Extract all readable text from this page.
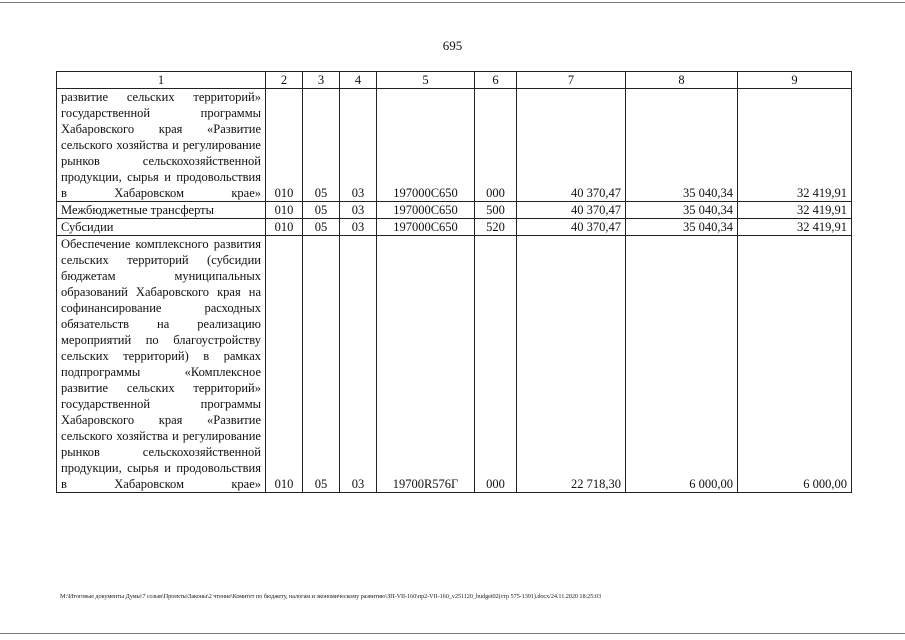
695
1	2	3	4	5	6	7	8	9
развитие сельских территорий» государственной программы Хабаровского края «Развитие сельского хозяйства и регулирование рынков сельскохозяйственной продукции, сырья и продовольствия в Хабаровском крае»	010	05	03	197000С650	000	40 370,47	35 040,34	32 419,91
Межбюджетные трансферты	010	05	03	197000С650	500	40 370,47	35 040,34	32 419,91
Субсидии	010	05	03	197000С650	520	40 370,47	35 040,34	32 419,91
Обеспечение комплексного развития сельских территорий (субсидии бюджетам муниципальных образований Хабаровского края на софинансирование расходных обязательств на реализацию мероприятий по благоустройству сельских территорий) в рамках подпрограммы «Комплексное развитие сельских территорий» государственной программы Хабаровского края «Развитие сельского хозяйства и регулирование рынков сельскохозяйственной продукции, сырья и продовольствия в Хабаровском крае»	010	05	03	19700R576Г	000	22 718,30	6 000,00	6 000,00
M:\Итоговые документы Думы\7 созыв\Проекты\Законы\2 чтение\Комитет по бюджету, налогам и экономическому развитию\ЗП-VII-160\пр2-VII-160_v251120_budget02(стр 575-1391).docx/24.11.2020 18:25:03
